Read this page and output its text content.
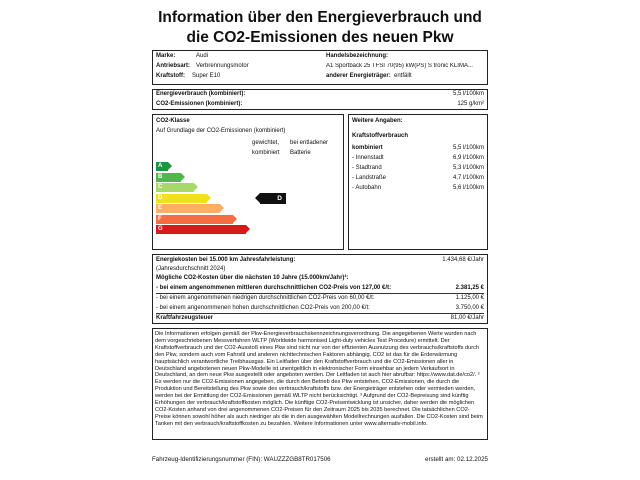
Information über den Energieverbrauch und
die CO2-Emissionen des neuen Pkw
Marke:	Audi
Antriebsart: Verbrennungsmotor
Kraftstoff: Super E10
Handelsbezeichnung:
A1 Sportback 25 TFSI 70(95) kW(PS) S tronic KLIMA...
anderer Energieträger: entfällt
Energieverbrauch (kombiniert):	5,5 l/100km
CO2-Emissionen (kombiniert):	125 g/km²
CO2-Klasse
Auf Grundlage der CO2-Emissionen (kombiniert)
gewichtet,
kombiniert
bei entladener
Batterie
A
B
C
D
E
F
G
D
Weitere Angaben:
Kraftstoffverbrauch
kombiniert	5,5 l/100km
- Innenstadt	6,9 l/100km
- Stadtrand	5,3 l/100km
- Landstraße	4,7 l/100km
- Autobahn	5,6 l/100km
Energiekosten bei 15.000 km Jahresfahrleistung:	1.434,68 €/Jahr
(Jahresdurchschnitt 2024)
Mögliche CO2-Kosten über die nächsten 10 Jahre (15.000km/Jahr)³:
- bei einem angenommenen mittleren durchschnittlichen CO2-Preis von 127,00 €/t:	2.381,25 €
- bei einem angenommenen niedrigen durchschnittlichen CO2-Preis von 60,00 €/t:	1.125,00 €
- bei einem angenommenen hohen durchschnittlichen CO2-Preis von 200,00 €/t:	3.750,00 €
Kraftfahrzeugsteuer	81,00 €/Jahr
Die Informationen erfolgen gemäß der Pkw-Energieverbrauchskennzeichnungsverordnung. Die angegebenen Werte wurden nach dem vorgeschriebenen Messverfahren WLTP (Worldwide harmonised Light-duty vehicles Test Procedure) ermittelt. Der Kraftstoffverbrauch und der CO2-Ausstoß eines Pkw sind nicht nur von der effizienten Ausnutzung des verbrauchs/kraftstoffs durch den Pkw, sondern auch vom Fahrstil und anderen nichttechnischen Faktoren abhängig. CO2 ist das für die Erderwärmung hauptsächlich verantwortliche Treibhausgas. Ein Leitfaden über den Kraftstoffverbrauch und die CO2-Emissionen aller in Deutschland angebotenen neuen Pkw-Modelle ist unentgeltlich in elektronischer Form einsehbar an jedem Verkaufsort in Deutschland, an dem neue Pkw ausgestellt oder angeboten werden. Der Leitfaden ist auch hier abrufbar: https://www.dat.de/co2/. ² Es werden nur die CO2-Emissionen angegeben, die durch den Betrieb des Pkw entstehen. CO2-Emissionen, die durch die Produktion und Bereitstellung des Pkw sowie des verbrauch/kraftstoffs bzw. der Energieträger entstehen oder vermieden werden, werden bei der Ermittlung der CO2-Emissionen gemäß WLTP nicht berücksichtigt. ³ Aufgrund der CO2-Bepreisung sind künftig Erhöhungen der verbrauch/kraftstoffkosten möglich. Die künftige CO2-Preisentwicklung ist unsicher, daher werden die möglichen CO2-Kosten anhand von drei angenommenen CO2-Preisen für den Zeitraum 2025 bis 2035 berechnet. Die tatsächlichen CO2-Preise können sowohl höher als auch niedriger als die in den ausgewählten Modellrechnungen ausfallen. Die CO2-Kosten sind beim Tanken mit den verbrauch/kraftstoffkosten zu bezahlen. Weitere Informationen unter www.alternativ-mobil.info.
Fahrzeug-Identifizierungsnummer (FIN): WAUZZZGB8TR017506	erstellt am: 02.12.2025
